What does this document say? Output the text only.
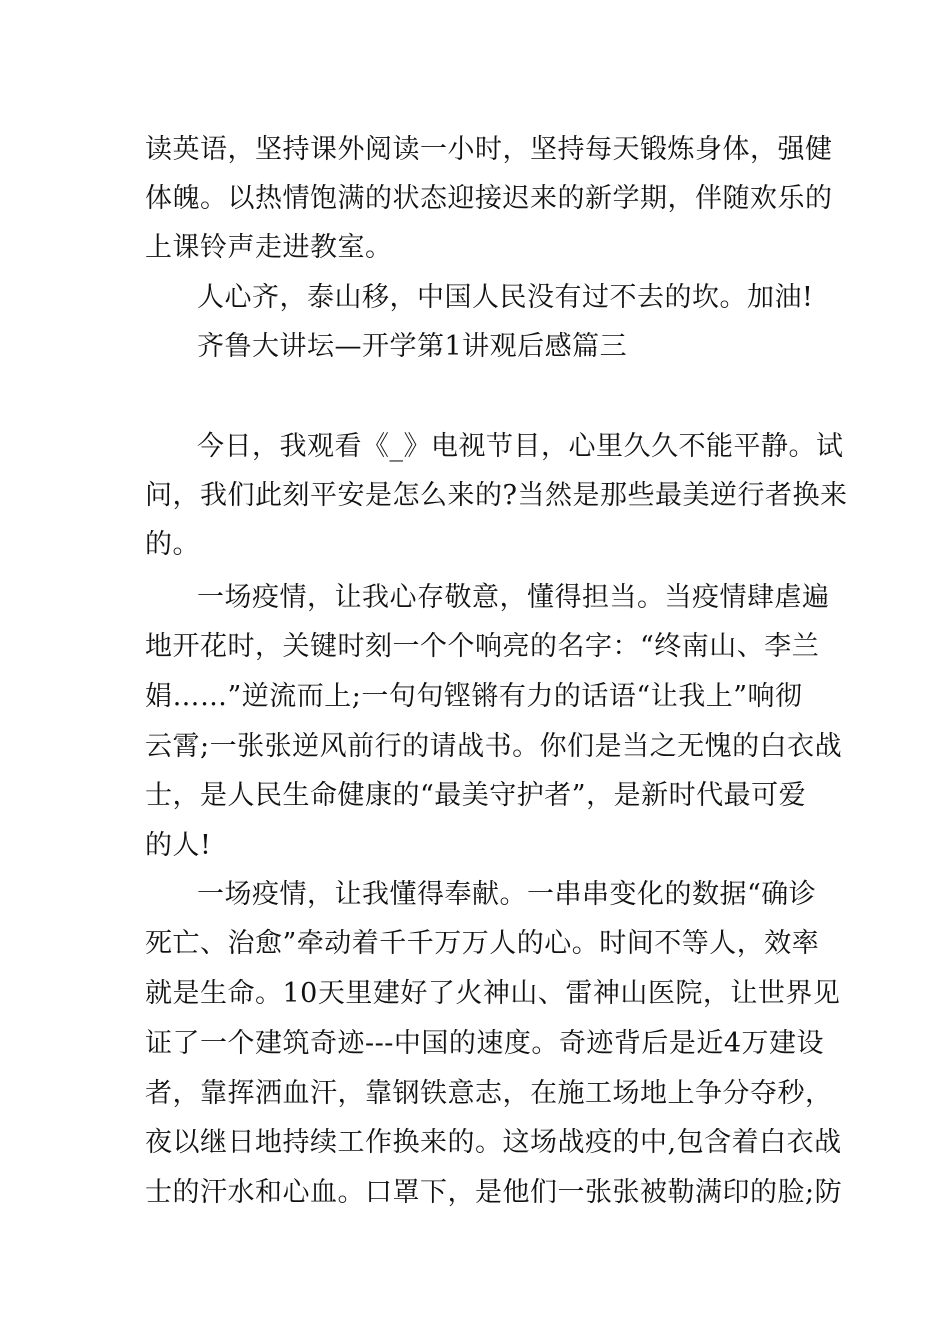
读英语，坚持课外阅读一小时，坚持每天锻炼身体，强健
体魄。以热情饱满的状态迎接迟来的新学期，伴随欢乐的
上课铃声走进教室。
人心齐，泰山移，中国人民没有过不去的坎。加油!
齐鲁大讲坛—开学第1讲观后感篇三
今日，我观看《_》电视节目，心里久久不能平静。试
问，我们此刻平安是怎么来的?当然是那些最美逆行者换来
的。
一场疫情，让我心存敬意，懂得担当。当疫情肆虐遍
地开花时，关键时刻一个个响亮的名字：“终南山、李兰
娟……”逆流而上;一句句铿锵有力的话语“让我上”响彻
云霄;一张张逆风前行的请战书。你们是当之无愧的白衣战
士，是人民生命健康的“最美守护者”，是新时代最可爱
的人!
一场疫情，让我懂得奉献。一串串变化的数据“确诊
死亡、治愈”牵动着千千万万人的心。时间不等人，效率
就是生命。10天里建好了火神山、雷神山医院，让世界见
证了一个建筑奇迹---中国的速度。奇迹背后是近4万建设
者，靠挥洒血汗，靠钢铁意志，在施工场地上争分夺秒，
夜以继日地持续工作换来的。这场战疫的中,包含着白衣战
士的汗水和心血。口罩下，是他们一张张被勒满印的脸;防
